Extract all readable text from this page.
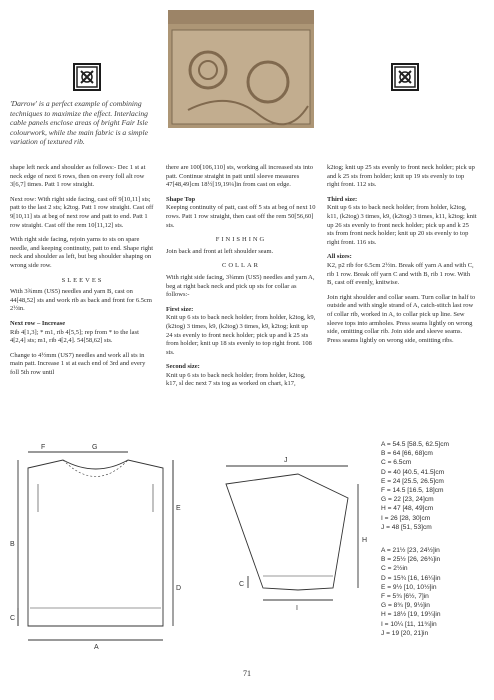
'Darrow' is a perfect example of combining techniques to maximize the effect. Interlacing cable panels enclose areas of bright Fair Isle colourwork, while the main fabric is a simple variation of textured rib.

shape left neck and shoulder as follows:- Dec 1 st at neck edge of next 6 rows, then on every foll alt row 3[6,7] times. Patt 1 row straight.

Next row: With right side facing, cast off 9[10,11] sts; patt to the last 2 sts; k2tog. Patt 1 row straight. Cast off 9[10,11] sts at beg of next row and patt to end. Patt 1 row straight. Cast off the rem 10[11,12] sts.

With right side facing, rejoin yarns to sts on spare needle, and keeping continuity, patt to end. Shape right neck and shoulder as left, but beg shoulder shaping on wrong side row.

SLEEVES

With 3¾mm (US5) needles and yarn B, cast on 44[48,52] sts and work rib as back and front for 6.5cm 2½in.

Next row – Increase

Rib 4[1,3]; * m1, rib 4[5,5]; rep from * to the last 4[2,4] sts; m1, rib 4[2,4]. 54[58,62] sts.

Change to 4½mm (US7) needles and work all sts in main patt. Increase 1 st at each end of 3rd and every foll 5th row until

there are 100[106,110] sts, working all increased sts into patt. Continue straight in patt until sleeve measures 47[48,49]cm 18½[19,19¼]in from cast on edge.

Shape Top

Keeping continuity of patt, cast off 5 sts at beg of next 10 rows. Patt 1 row straight, then cast off the rem 50[56,60] sts.

FINISHING

Join back and front at left shoulder seam.

COLLAR

With right side facing, 3¾mm (US5) needles and yarn A, beg at right back neck and pick up sts for collar as follows:-

First size:

Knit up 6 sts to back neck holder; from holder, k2tog, k9, (k2tog) 3 times, k9, (k2tog) 3 times, k9, k2tog; knit up 24 sts evenly to front neck holder; pick up and k 25 sts from holder; knit up 18 sts evenly to top right front. 108 sts.

Second size:

Knit up 6 sts to back neck holder; from holder, k2tog, k17, sl dec next 7 sts tog as worked on chart, k17,

k2tog; knit up 25 sts evenly to front neck holder; pick up and k 25 sts from holder; knit up 19 sts evenly to top right front. 112 sts.

Third size:

Knit up 6 sts to back neck holder; from holder, k2tog, k11, (k2tog) 3 times, k9, (k2tog) 3 times, k11, k2tog; knit up 26 sts evenly to front neck holder; pick up and k 25 sts from front neck holder; knit up 20 sts evenly to top right front. 116 sts.

All sizes:

K2, p2 rib for 6.5cm 2½in. Break off yarn A and with C, rib 1 row. Break off yarn C and with B, rib 1 row. With B, cast off evenly, knitwise.

Join right shoulder and collar seam. Turn collar in half to outside and with single strand of A, catch-stitch last row of collar rib, worked in A, to collar pick up line. Sew sleeve tops into armholes. Press seams lightly on wrong side, omitting collar rib. Join side and sleeve seams. Press seams lightly on wrong side, omitting ribs.

A
B
C
D
E
F	G
H
I
J
C
A = 54.5 [58.5, 62.5]cm
B = 64 [66, 68]cm
C = 6.5cm
D = 40 [40.5, 41.5]cm
E = 24 [25.5, 26.5]cm
F = 14.5 [16.5, 18]cm
G = 22 [23, 24]cm
H = 47 [48, 49]cm
I = 26 [28, 30]cm
J = 48 [51, 53]cm
A = 21½ [23, 24½]in
B = 25½ [26, 26¾]in
C = 2½in
D = 15¾ [16, 16¼]in
E = 9½ [10, 10½]in
F = 5¾ [6½, 7]in
G = 8¾ [9, 9½]in
H = 18½ [19, 19¼]in
I = 10¼ [11, 11¾]in
J = 19 [20, 21]in
71
